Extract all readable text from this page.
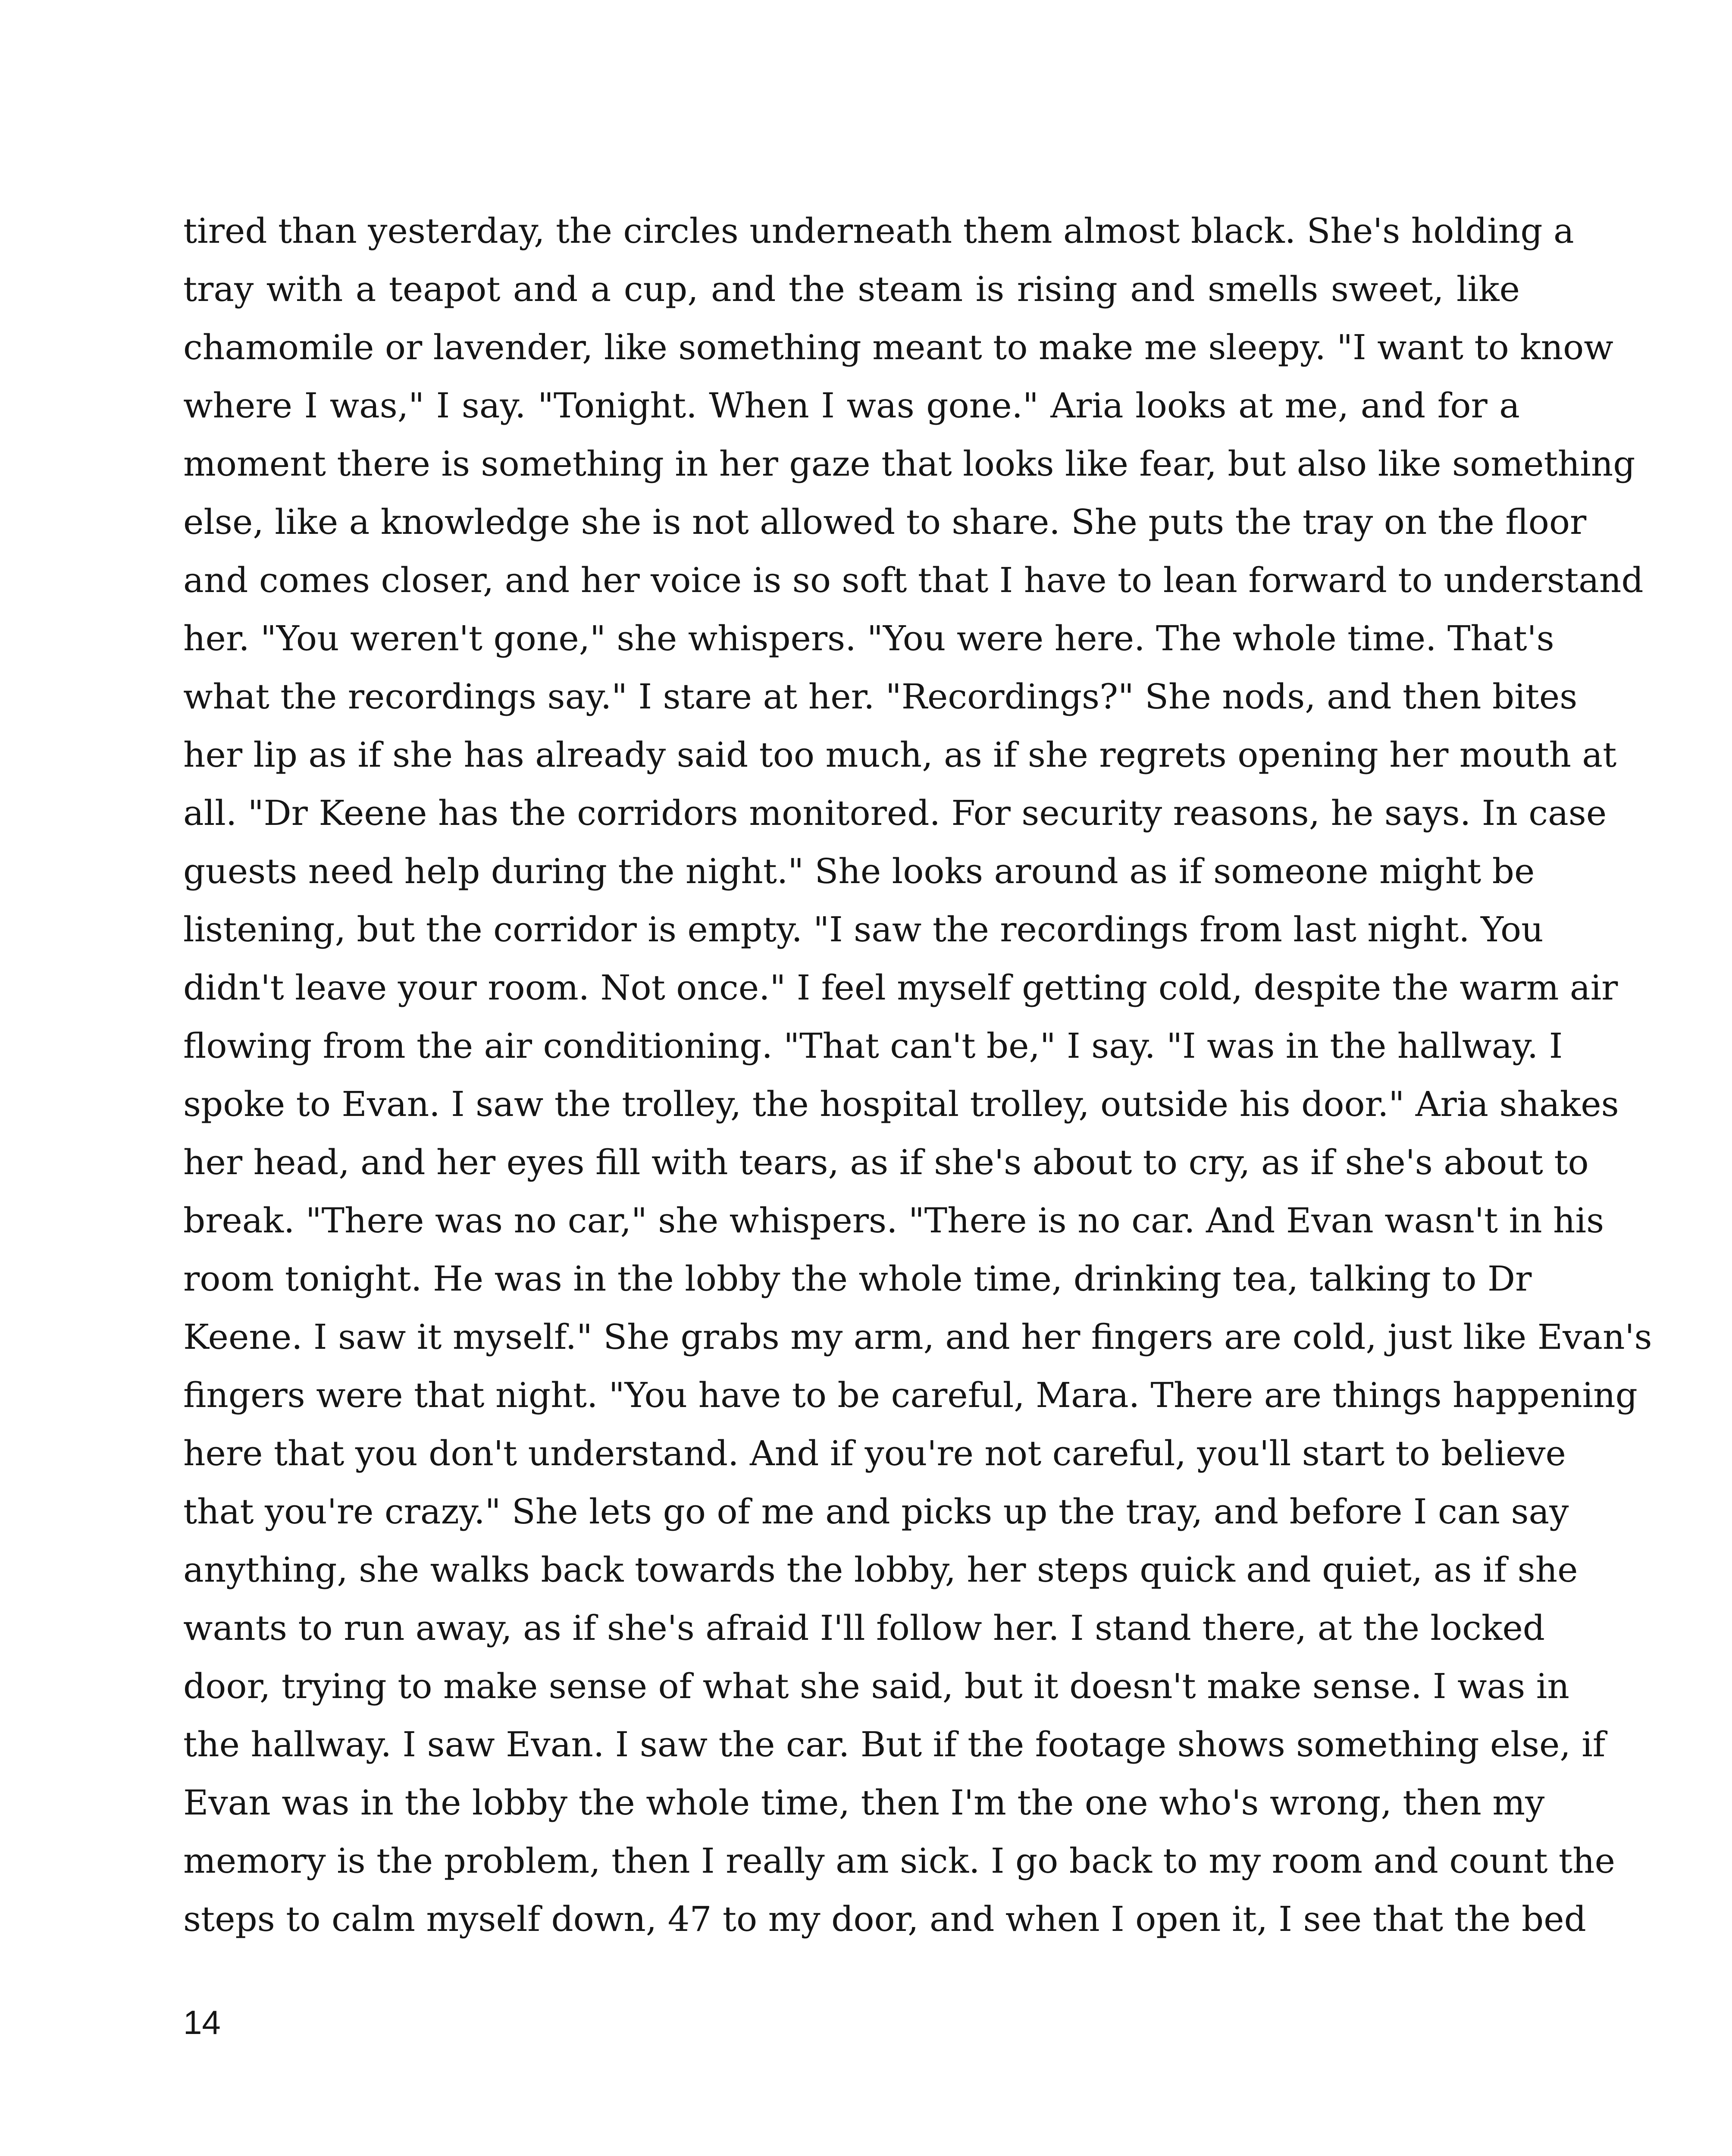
tired than yesterday, the circles underneath them almost black. She's holding a
tray with a teapot and a cup, and the steam is rising and smells sweet, like
chamomile or lavender, like something meant to make me sleepy. "I want to know
where I was," I say. "Tonight. When I was gone." Aria looks at me, and for a
moment there is something in her gaze that looks like fear, but also like something
else, like a knowledge she is not allowed to share. She puts the tray on the floor
and comes closer, and her voice is so soft that I have to lean forward to understand
her. "You weren't gone," she whispers. "You were here. The whole time. That's
what the recordings say." I stare at her. "Recordings?" She nods, and then bites
her lip as if she has already said too much, as if she regrets opening her mouth at
all. "Dr Keene has the corridors monitored. For security reasons, he says. In case
guests need help during the night." She looks around as if someone might be
listening, but the corridor is empty. "I saw the recordings from last night. You
didn't leave your room. Not once." I feel myself getting cold, despite the warm air
flowing from the air conditioning. "That can't be," I say. "I was in the hallway. I
spoke to Evan. I saw the trolley, the hospital trolley, outside his door." Aria shakes
her head, and her eyes fill with tears, as if she's about to cry, as if she's about to
break. "There was no car," she whispers. "There is no car. And Evan wasn't in his
room tonight. He was in the lobby the whole time, drinking tea, talking to Dr
Keene. I saw it myself." She grabs my arm, and her fingers are cold, just like Evan's
fingers were that night. "You have to be careful, Mara. There are things happening
here that you don't understand. And if you're not careful, you'll start to believe
that you're crazy." She lets go of me and picks up the tray, and before I can say
anything, she walks back towards the lobby, her steps quick and quiet, as if she
wants to run away, as if she's afraid I'll follow her. I stand there, at the locked
door, trying to make sense of what she said, but it doesn't make sense. I was in
the hallway. I saw Evan. I saw the car. But if the footage shows something else, if
Evan was in the lobby the whole time, then I'm the one who's wrong, then my
memory is the problem, then I really am sick. I go back to my room and count the
steps to calm myself down, 47 to my door, and when I open it, I see that the bed
14
